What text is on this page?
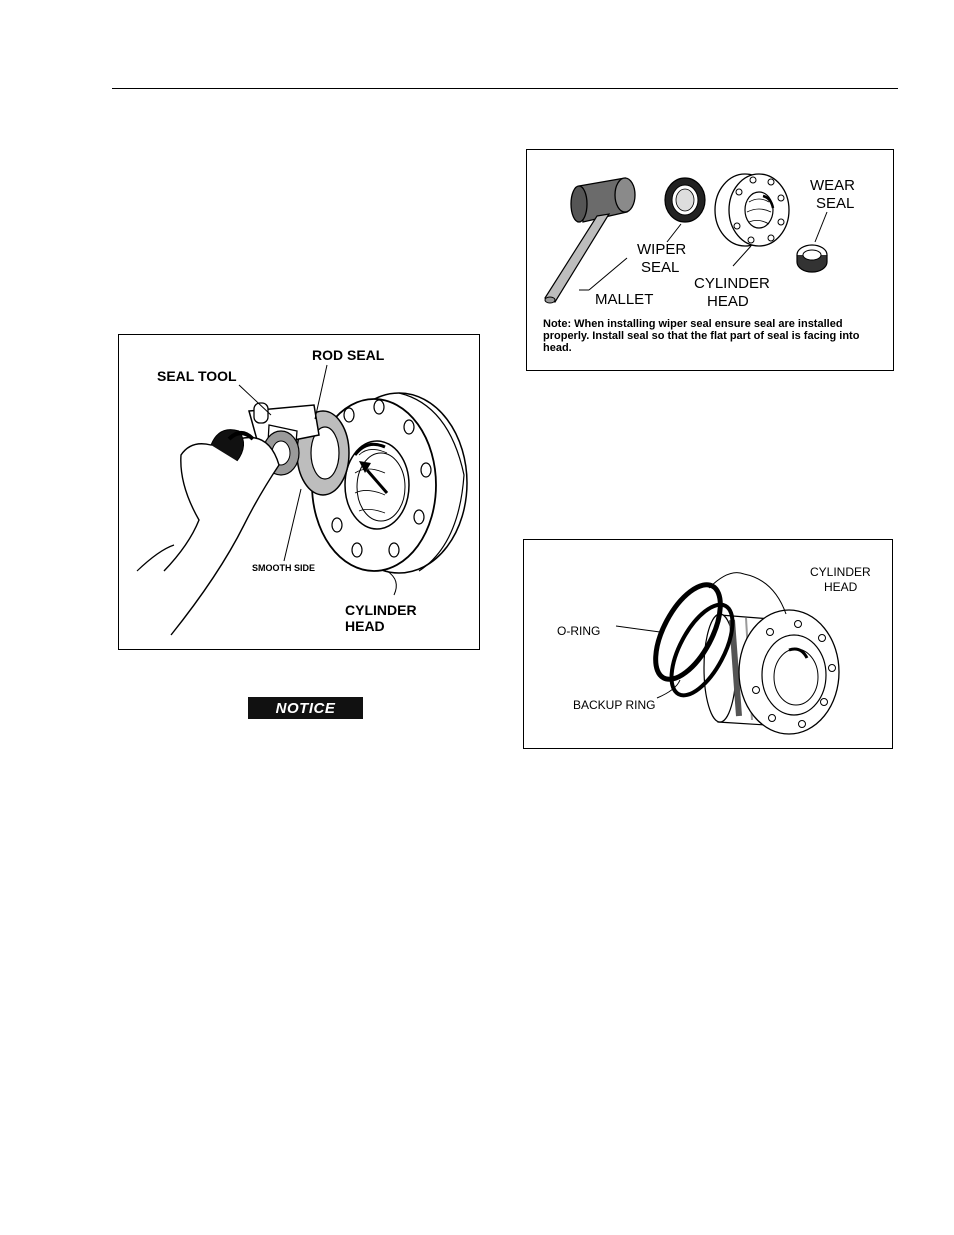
SEAL TOOL
ROD SEAL
SMOOTH SIDE
CYLINDER
HEAD
NOTICE
WEAR
SEAL
WIPER
SEAL
CYLINDER
HEAD
MALLET
Note: When installing wiper seal ensure seal are installed properly. Install seal so that the flat part of seal is facing into head.
CYLINDER
HEAD
O-RING
BACKUP RING
